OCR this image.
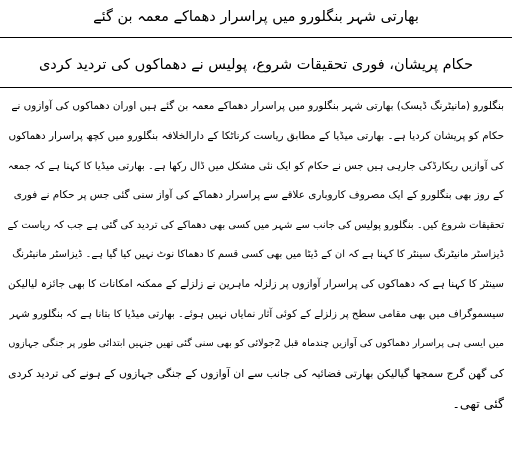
بھارتی شہر بنگلورو میں پراسرار دھماکے معمہ بن گئے
حکام پریشان، فوری تحقیقات شروع، پولیس نے دھماکوں کی تردید کردی
بنگلورو (مانیٹرنگ ڈیسک) بھارتی شہر بنگلورو میں پراسرار دھماکے معمہ بن گئے ہیں اوران دھماکوں کی آوازوں نے
حکام کو پریشان کردیا ہے۔ بھارتی میڈیا کے مطابق ریاست کرناٹکا کے دارالخلافہ بنگلورو میں کچھ پراسرار دھماکوں
کی آوازیں ریکارڈکی جارہی ہیں جس نے حکام کو ایک نئی مشکل میں ڈال رکھا ہے۔ بھارتی میڈیا کا کہنا ہے کہ جمعہ
کے روز بھی بنگلورو کے ایک مصروف کاروباری علاقے سے پراسرار دھماکے کی آواز سنی گئی جس پر حکام نے فوری
تحقیقات شروع کیں۔ بنگلورو پولیس کی جانب سے شہر میں کسی بھی دھماکے کی تردید کی گئی ہے جب کہ ریاست کے
ڈیزاسٹر مانیٹرنگ سینٹر کا کہنا ہے کہ ان کے ڈیٹا میں بھی کسی قسم کا دھماکا نوٹ نہیں کیا گیا ہے۔ ڈیزاسٹر مانیٹرنگ
سینٹر کا کہنا ہے کہ دھماکوں کی پراسرار آوازوں پر زلزلہ ماہرین نے زلزلے کے ممکنہ امکانات کا بھی جائزہ لیالیکن
سیسموگراف میں بھی مقامی سطح پر زلزلے کے کوئی آثار نمایاں نہیں ہوئے۔ بھارتی میڈیا کا بتانا ہے کہ بنگلورو شہر
میں ایسی ہی پراسرار دھماکوں کی آوازیں چندماہ قبل 2جولائی کو بھی سنی گئی تھیں جنہیں ابتدائی طور پر جنگی جہازوں
کی گھن گرج سمجھا گیالیکن بھارتی فضائیہ کی جانب سے ان آوازوں کے جنگی جہازوں کے ہونے کی تردید کردی
گئی تھی۔
